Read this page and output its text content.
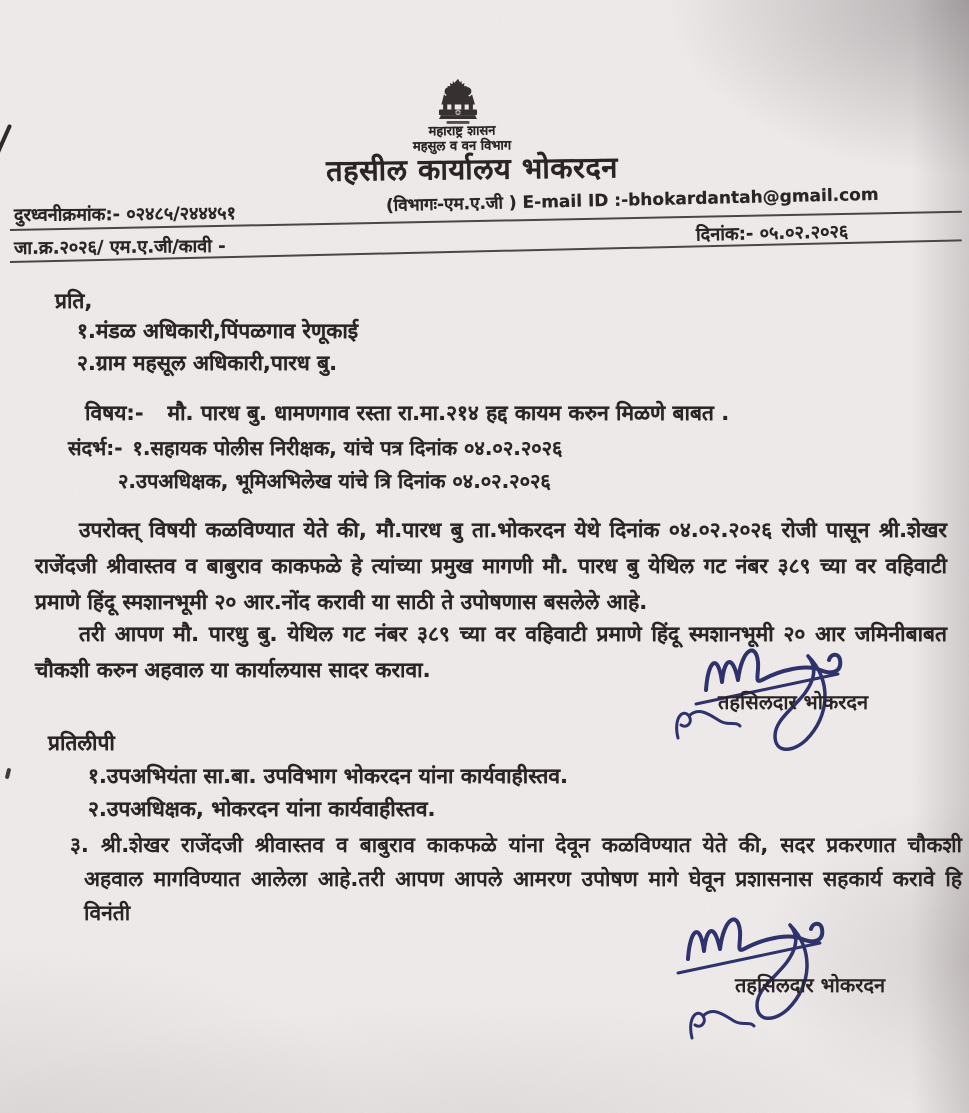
महाराष्ट्र शासन
महसुल व वन विभाग
तहसील कार्यालय भोकरदन
दुरध्वनीक्रमांक:- ०२४८५/२४४४५१	(विभागः-एम.ए.जी ) E-mail ID :-bhokardantah@gmail.com
जा.क्र.२०२६/ एम.ए.जी/कावी -
दिनांक:- ०५.०२.२०२६
प्रति,
१.मंडळ अधिकारी,पिंपळगाव रेणूकाई
२.ग्राम महसूल अधिकारी,पारध बु.
विषय:- मौ. पारध बु. धामणगाव रस्ता रा.मा.२१४ हद्द कायम करुन मिळणे बाबत .
संदर्भ:- १.सहायक पोलीस निरीक्षक, यांचे पत्र दिनांक ०४.०२.२०२६
२.उपअधिक्षक, भूमिअभिलेख यांचे त्रि दिनांक ०४.०२.२०२६
उपरोक्त् विषयी कळविण्यात येते की, मौ.पारध बु ता.भोकरदन येथे दिनांक ०४.०२.२०२६ रोजी पासून श्री.शेखर राजेंदजी श्रीवास्तव व बाबुराव काकफळे हे त्यांच्या प्रमुख मागणी मौ. पारध बु येथिल गट नंबर ३८९ च्या वर वहिवाटी प्रमाणे हिंदू स्मशानभूमी २० आर.नोंद करावी या साठी ते उपोषणास बसलेले आहे.
तरी आपण मौ. पारधु बु. येथिल गट नंबर ३८९ च्या वर वहिवाटी प्रमाणे हिंदू स्मशानभूमी २० आर जमिनीबाबत चौकशी करुन अहवाल या कार्यालयास सादर करावा.
तहसिलदार भोकरदन
प्रतिलीपी
१.उपअभियंता सा.बा. उपविभाग भोकरदन यांना कार्यवाहीस्तव.
२.उपअधिक्षक, भोकरदन यांना कार्यवाहीस्तव.
३. श्री.शेखर राजेंदजी श्रीवास्तव व बाबुराव काकफळे यांना देवून कळविण्यात येते की, सदर प्रकरणात चौकशी अहवाल मागविण्यात आलेला आहे.तरी आपण आपले आमरण उपोषण मागे घेवून प्रशासनास सहकार्य करावे हि विनंती
तहसिलदार भोकरदन
